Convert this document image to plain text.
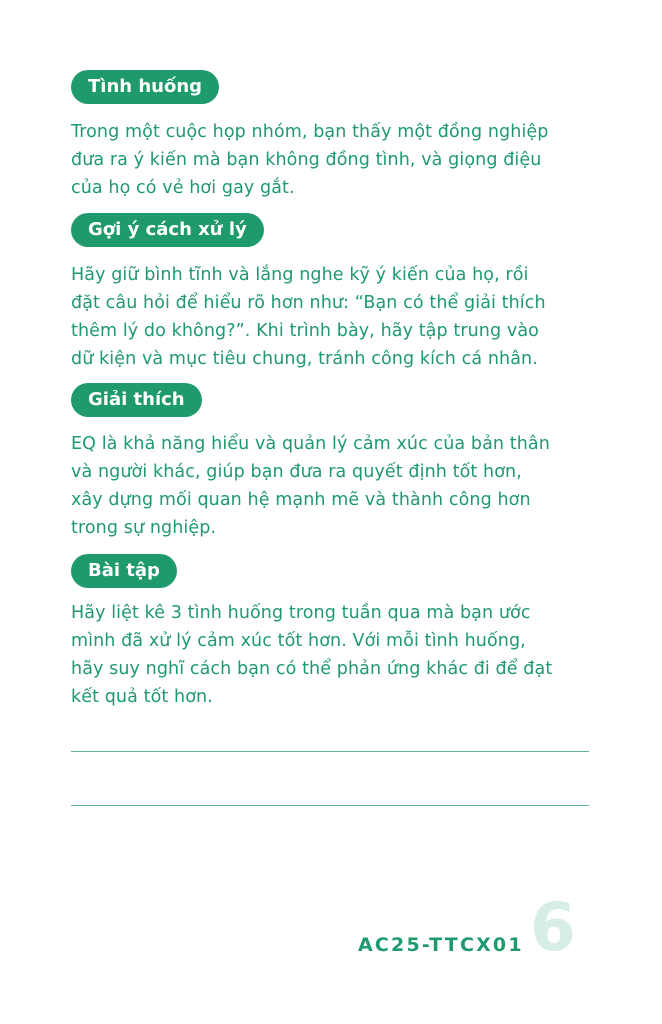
Tình huống
Trong một cuộc họp nhóm, bạn thấy một đồng nghiệp
đưa ra ý kiến mà bạn không đồng tình, và giọng điệu
của họ có vẻ hơi gay gắt.
Gợi ý cách xử lý
Hãy giữ bình tĩnh và lắng nghe kỹ ý kiến của họ, rồi
đặt câu hỏi để hiểu rõ hơn như: “Bạn có thể giải thích
thêm lý do không?”. Khi trình bày, hãy tập trung vào
dữ kiện và mục tiêu chung, tránh công kích cá nhân.
Giải thích
EQ là khả năng hiểu và quản lý cảm xúc của bản thân
và người khác, giúp bạn đưa ra quyết định tốt hơn,
xây dựng mối quan hệ mạnh mẽ và thành công hơn
trong sự nghiệp.
Bài tập
Hãy liệt kê 3 tình huống trong tuần qua mà bạn ước
mình đã xử lý cảm xúc tốt hơn. Với mỗi tình huống,
hãy suy nghĩ cách bạn có thể phản ứng khác đi để đạt
kết quả tốt hơn.
AC25-TTCX01 6
